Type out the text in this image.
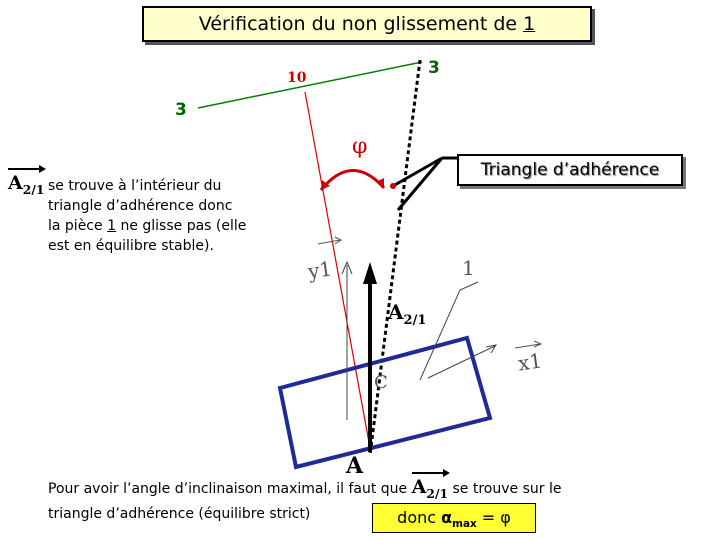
Vérification du non glissement de 1
3
3
10
φ
Triangle d’adhérence
$A_{2/1}$ se trouve à l’intérieur du
triangle d’adhérence donc
la pièce 1 ne glisse pas (elle
est en équilibre stable).
y1	1
x1
C
$A_{2/1}$
A
Pour avoir l’angle d’inclinaison maximal, il faut que
$A_{2/1}$ se trouve sur le
triangle d’adhérence (équilibre strict)	donc $\alpha_{max} = \varphi$
